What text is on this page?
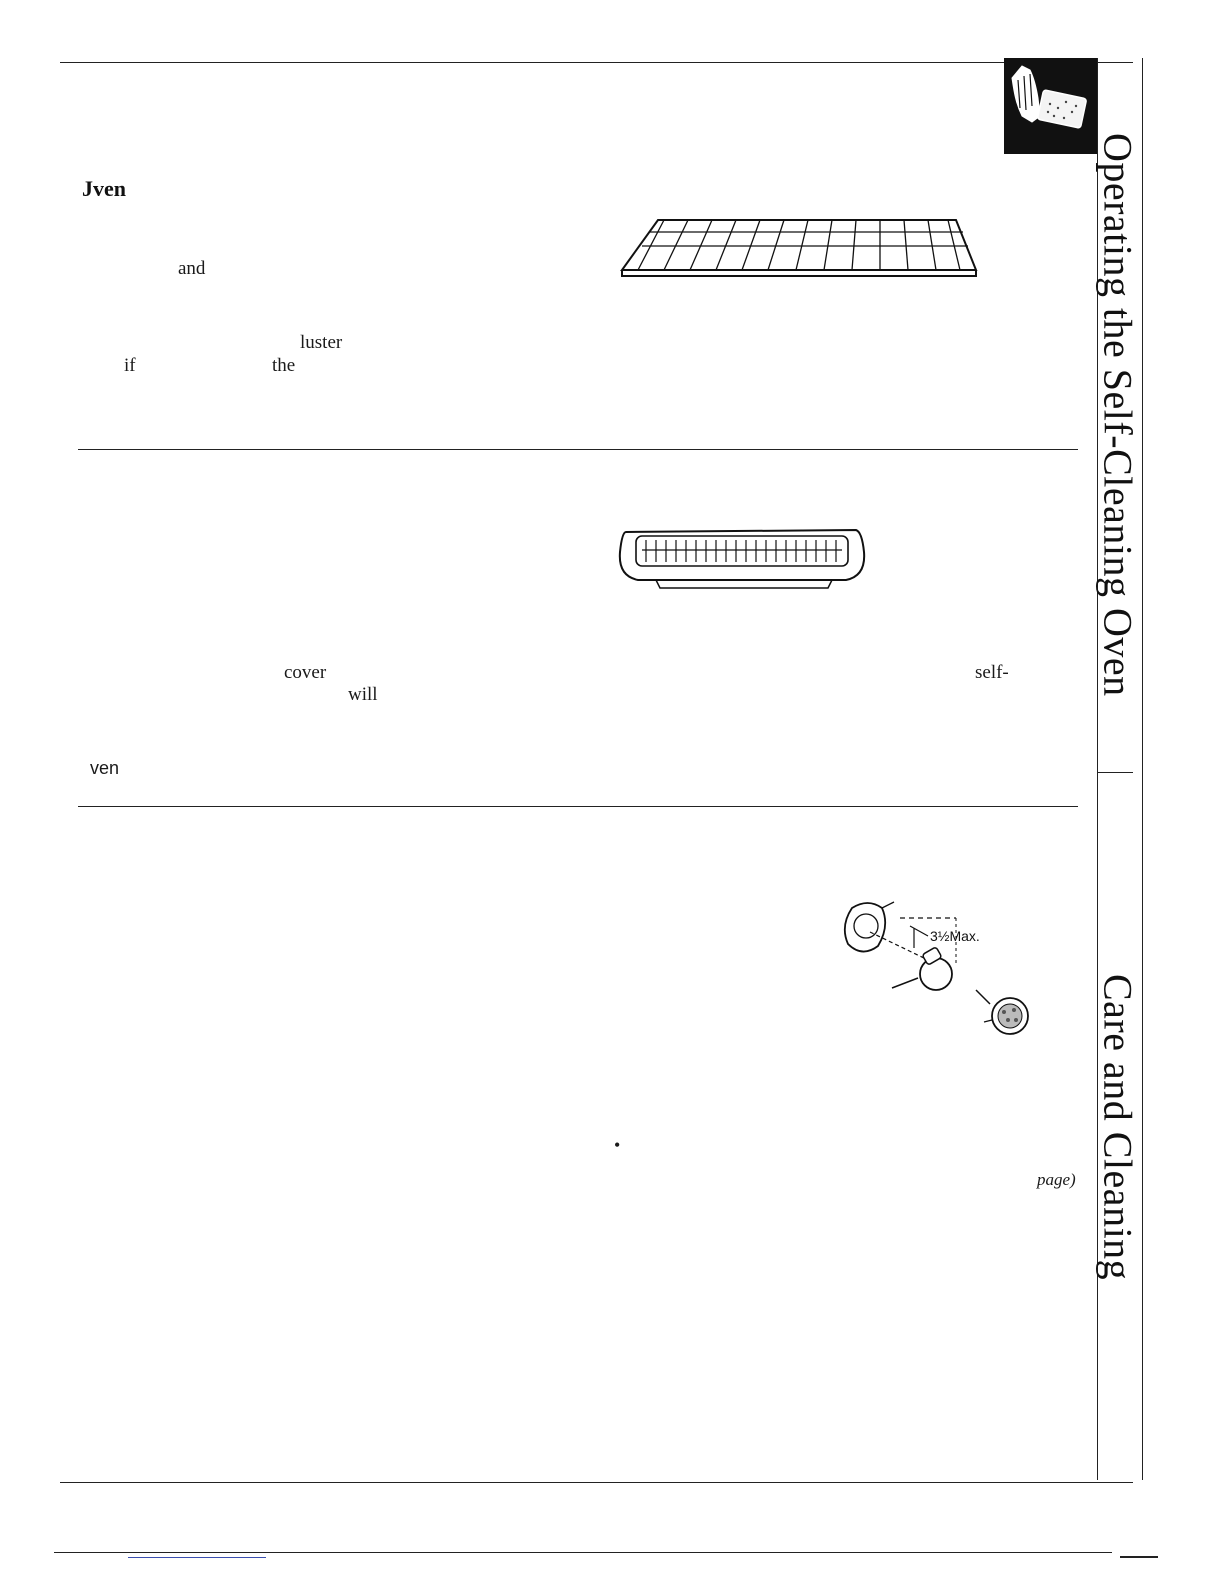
Operating the Self-Cleaning Oven
Care and Cleaning
Jven
and
luster
if	the
cover
will
self-
ven
3½Max.
•
page)
